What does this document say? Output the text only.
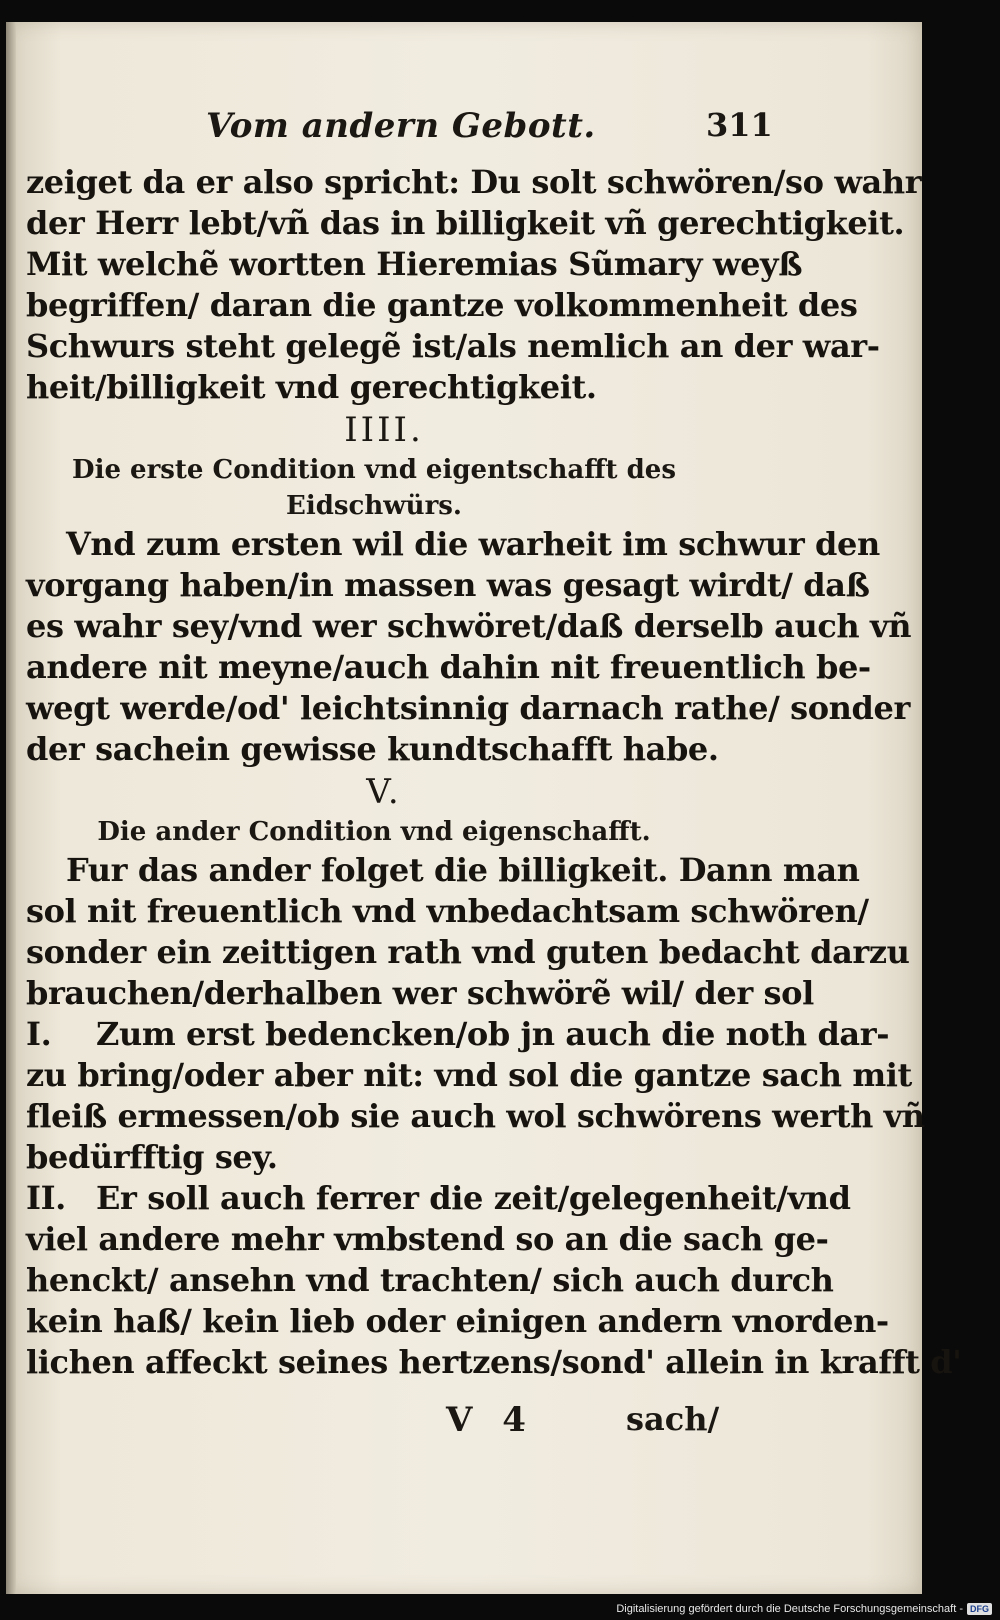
Vom andern Gebott.	311
zeiget da er also spricht: Du solt schwören/so wahr
der Herr lebt/vñ das in billigkeit vñ gerechtigkeit.
Mit welchẽ wortten Hieremias Sũmary weyß
begriffen/ daran die gantze volkommenheit des
Schwurs steht gelegẽ ist/als nemlich an der war-
heit/billigkeit vnd gerechtigkeit.
IIII.
Die erste Condition vnd eigentschafft des
Eidschwürs.
Vnd zum ersten wil die warheit im schwur den
vorgang haben/in massen was gesagt wirdt/ daß
es wahr sey/vnd wer schwöret/daß derselb auch vñ
andere nit meyne/auch dahin nit freuentlich be-
wegt werde/od' leichtsinnig darnach rathe/ sonder
der sachein gewisse kundtschafft habe.
V.
Die ander Condition vnd eigenschafft.
Fur das ander folget die billigkeit. Dann man
sol nit freuentlich vnd vnbedachtsam schwören/
sonder ein zeittigen rath vnd guten bedacht darzu
brauchen/derhalben wer schwörẽ wil/ der sol
I. Zum erst bedencken/ob jn auch die noth dar-
zu bring/oder aber nit: vnd sol die gantze sach mit
fleiß ermessen/ob sie auch wol schwörens werth vñ
bedürfftig sey.
II. Er soll auch ferrer die zeit/gelegenheit/vnd
viel andere mehr vmbstend so an die sach ge-
henckt/ ansehn vnd trachten/ sich auch durch
kein haß/ kein lieb oder einigen andern vnorden-
lichen affeckt seines hertzens/sond' allein in krafft d'
V 4	sach/
Digitalisierung gefördert durch die Deutsche Forschungsgemeinschaft - DFG
